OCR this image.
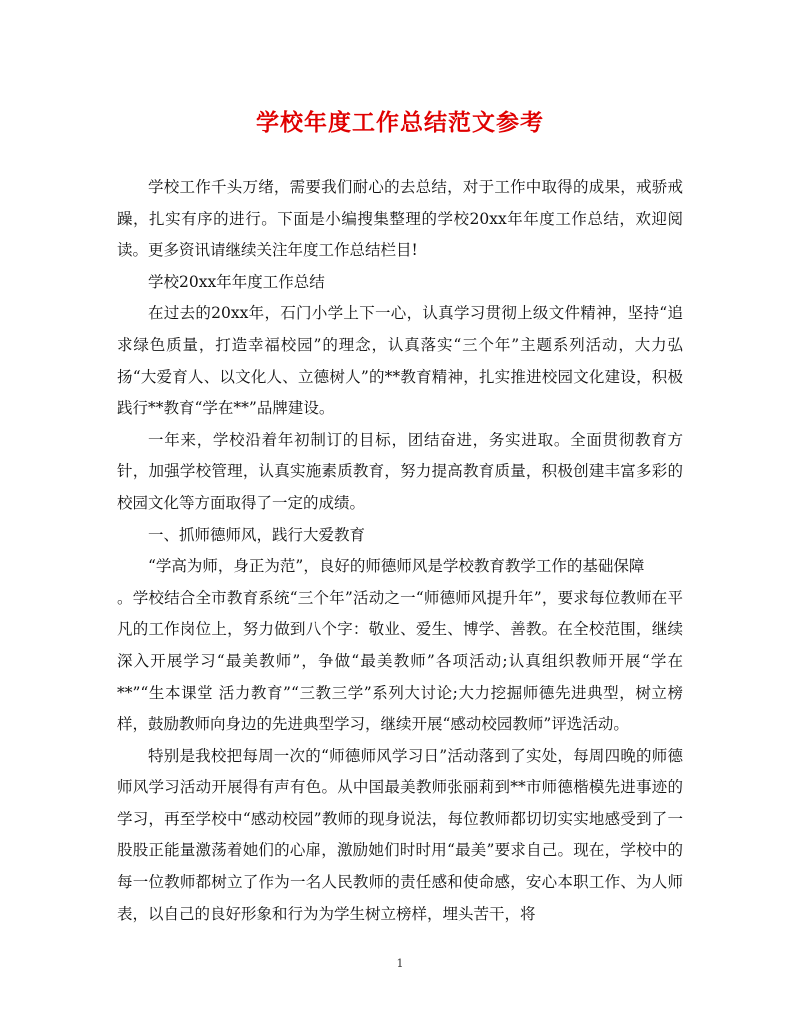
学校年度工作总结范文参考

学校工作千头万绪，需要我们耐心的去总结，对于工作中取得的成果，戒骄戒躁，扎实有序的进行。下面是小编搜集整理的学校20xx年年度工作总结，欢迎阅读。更多资讯请继续关注年度工作总结栏目!

学校20xx年年度工作总结

在过去的20xx年，石门小学上下一心，认真学习贯彻上级文件精神，坚持“追求绿色质量，打造幸福校园”的理念，认真落实“三个年”主题系列活动，大力弘扬“大爱育人、以文化人、立德树人”的**教育精神，扎实推进校园文化建设，积极践行**教育“学在**”品牌建设。

一年来，学校沿着年初制订的目标，团结奋进，务实进取。全面贯彻教育方针，加强学校管理，认真实施素质教育，努力提高教育质量，积极创建丰富多彩的校园文化等方面取得了一定的成绩。

一、抓师德师风，践行大爱教育

“学高为师，身正为范”，良好的师德师风是学校教育教学工作的基础保障

。学校结合全市教育系统“三个年”活动之一“师德师风提升年”，要求每位教师在平凡的工作岗位上，努力做到八个字：敬业、爱生、博学、善教。在全校范围，继续深入开展学习“最美教师”，争做“最美教师”各项活动;认真组织教师开展“学在**”“生本课堂 活力教育”“三教三学”系列大讨论;大力挖掘师德先进典型，树立榜样，鼓励教师向身边的先进典型学习，继续开展“感动校园教师”评选活动。

特别是我校把每周一次的“师德师风学习日”活动落到了实处，每周四晚的师德师风学习活动开展得有声有色。从中国最美教师张丽莉到**市师德楷模先进事迹的学习，再至学校中“感动校园”教师的现身说法，每位教师都切切实实地感受到了一股股正能量激荡着她们的心扉，激励她们时时用“最美”要求自己。现在，学校中的每一位教师都树立了作为一名人民教师的责任感和使命感，安心本职工作、为人师表，以自己的良好形象和行为为学生树立榜样，埋头苦干，将

1
